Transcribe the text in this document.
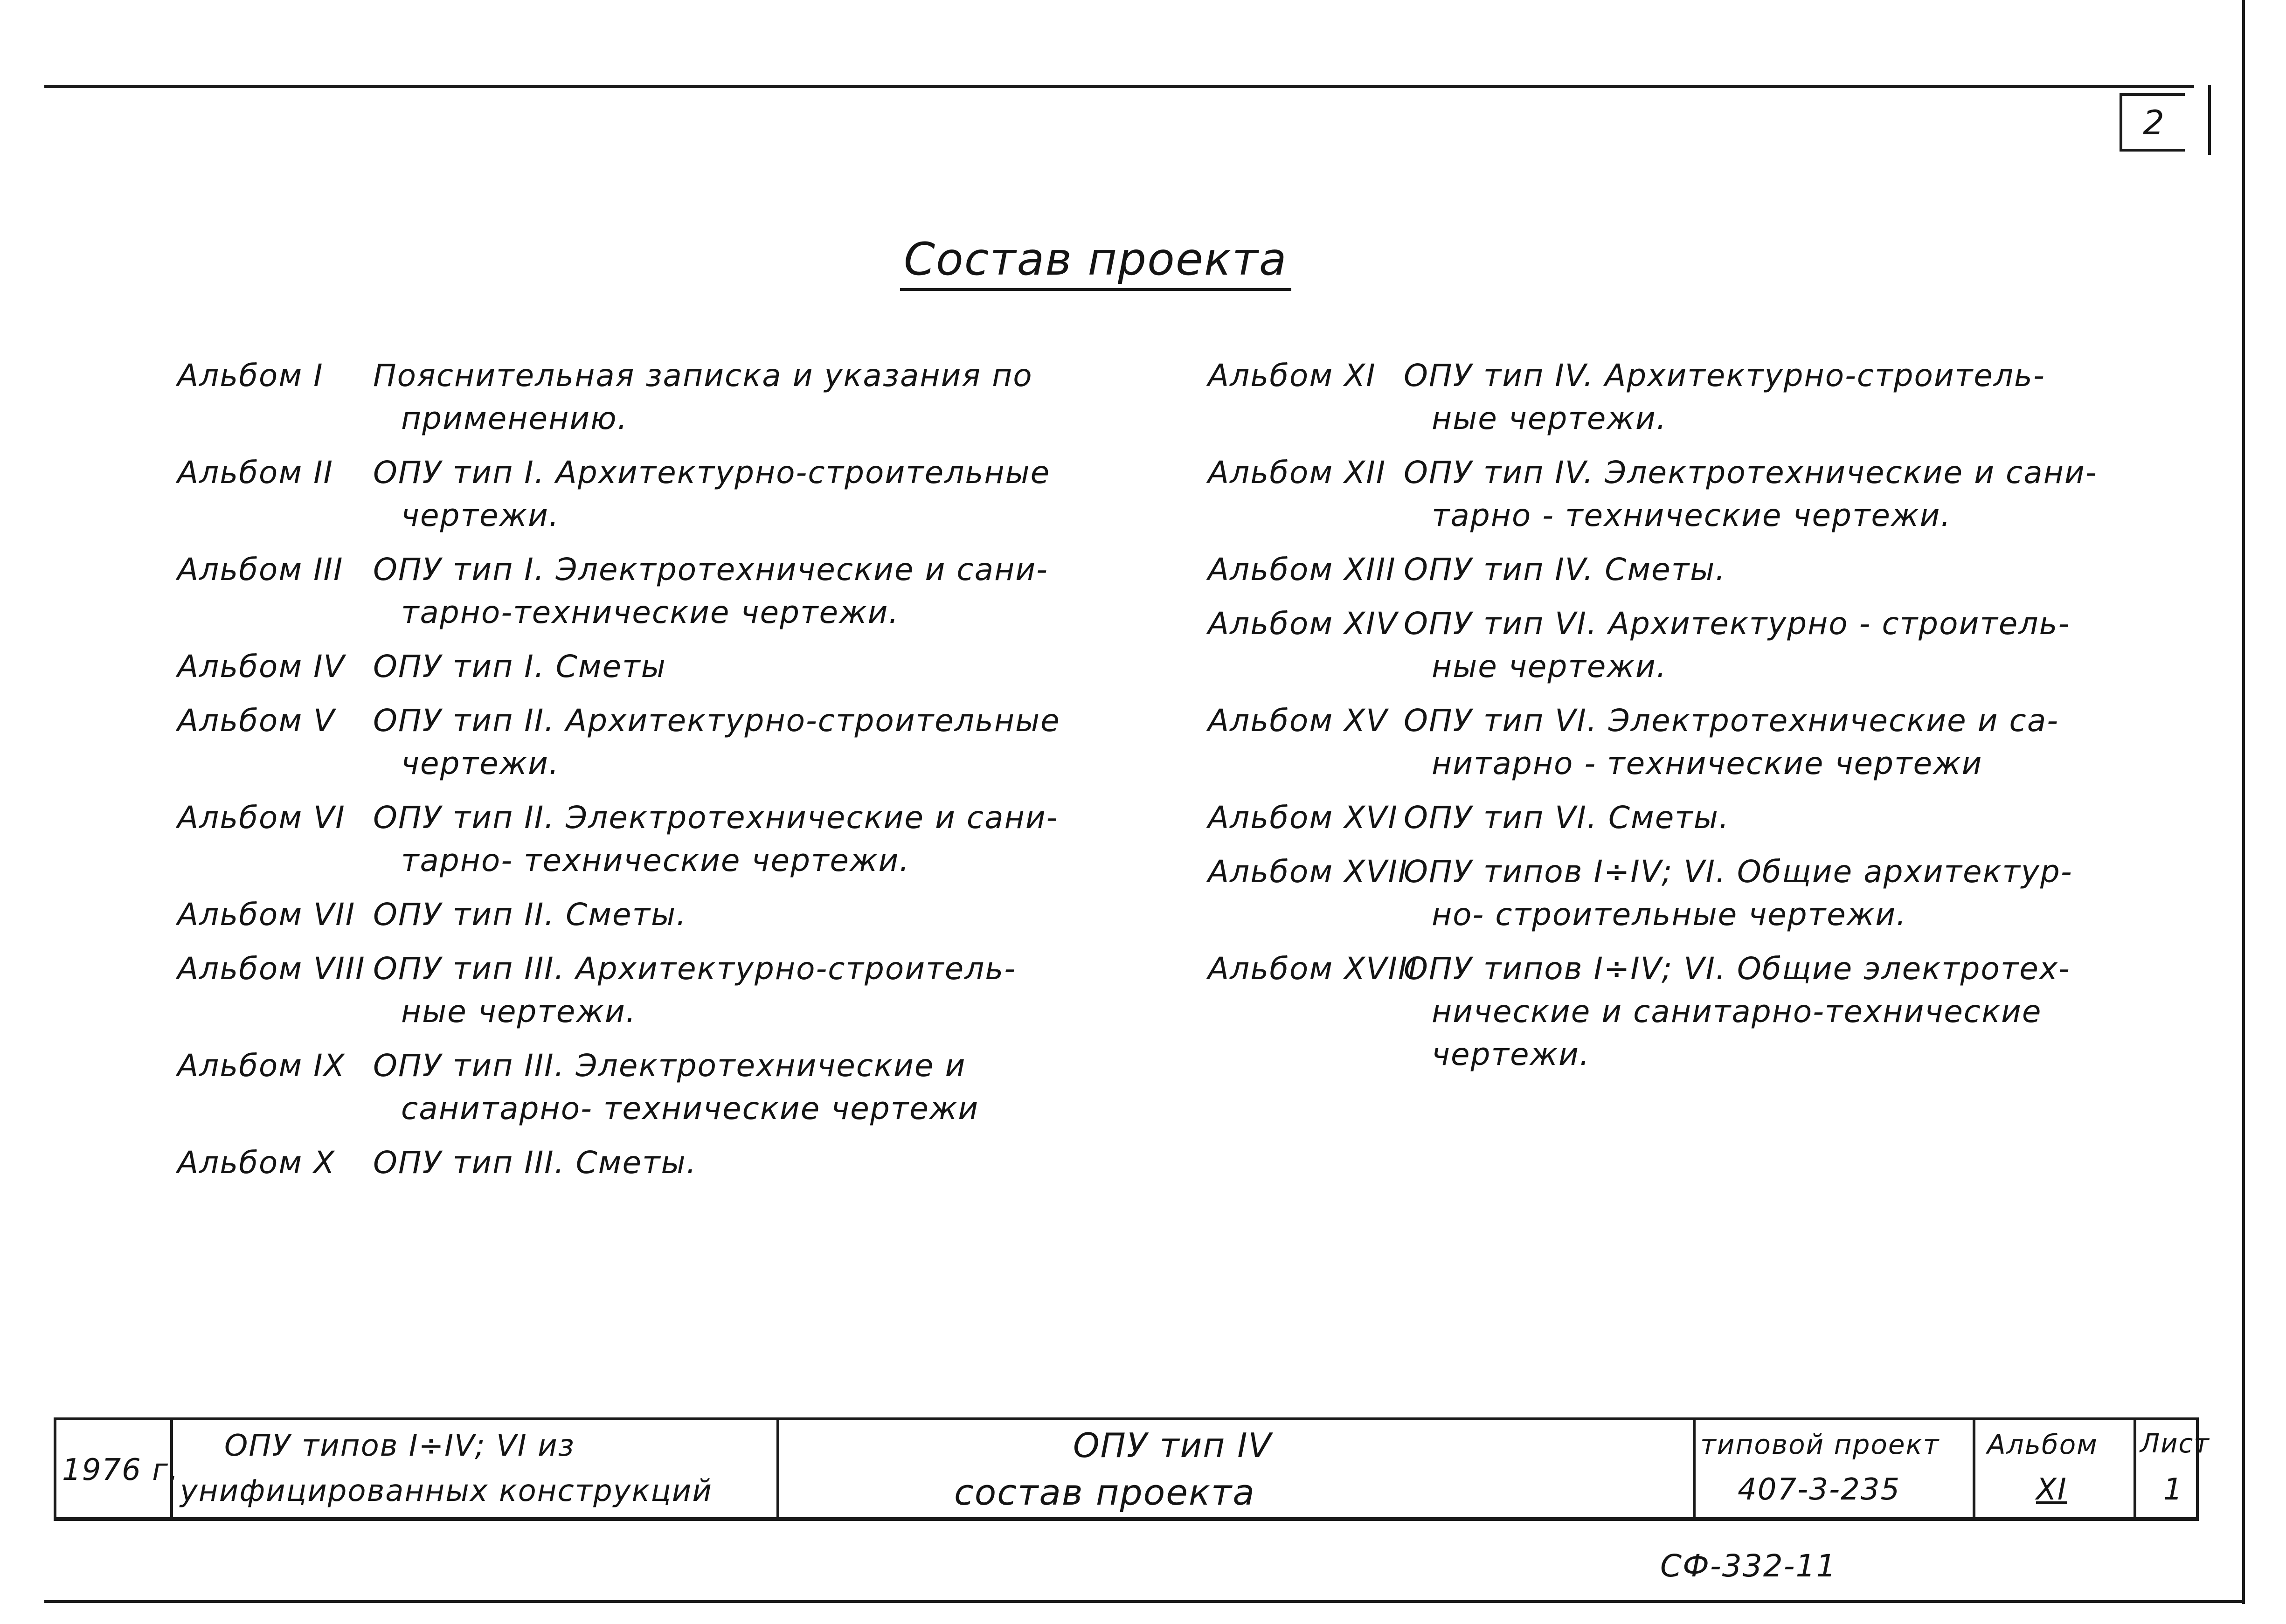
2
Состав проекта
Альбом I Пояснительная записка и указания по
применению.
Альбом II ОПУ тип I. Архитектурно-строительные
чертежи.
Альбом III ОПУ тип I. Электротехнические и сани-
тарно-технические чертежи.
Альбом IV ОПУ тип I. Сметы
Альбом V ОПУ тип II. Архитектурно-строительные
чертежи.
Альбом VI ОПУ тип II. Электротехнические и сани-
тарно- технические чертежи.
Альбом VII ОПУ тип II. Сметы.
Альбом VIII ОПУ тип III. Архитектурно-строитель-
ные чертежи.
Альбом IX ОПУ тип III. Электротехнические и
санитарно- технические чертежи
Альбом X ОПУ тип III. Сметы.
Альбом XI ОПУ тип IV. Архитектурно-строитель-
ные чертежи.
Альбом XII ОПУ тип IV. Электротехнические и сани-
тарно - технические чертежи.
Альбом XIII ОПУ тип IV. Сметы.
Альбом XIV ОПУ тип VI. Архитектурно - строитель-
ные чертежи.
Альбом XV ОПУ тип VI. Электротехнические и са-
нитарно - технические чертежи
Альбом XVI ОПУ тип VI. Сметы.
Альбом XVIIОПУ типов I÷IV; VI. Общие архитектур-
но- строительные чертежи.
Альбом XVIIIОПУ типов I÷IV; VI. Общие электротех-
нические и санитарно-технические
чертежи.
1976 г.
ОПУ типов I÷IV; VI из
унифицированных конструкций
ОПУ тип IV
состав проекта
типовой проект
407-3-235
Альбом
XI
Лист
1
СФ-332-11
